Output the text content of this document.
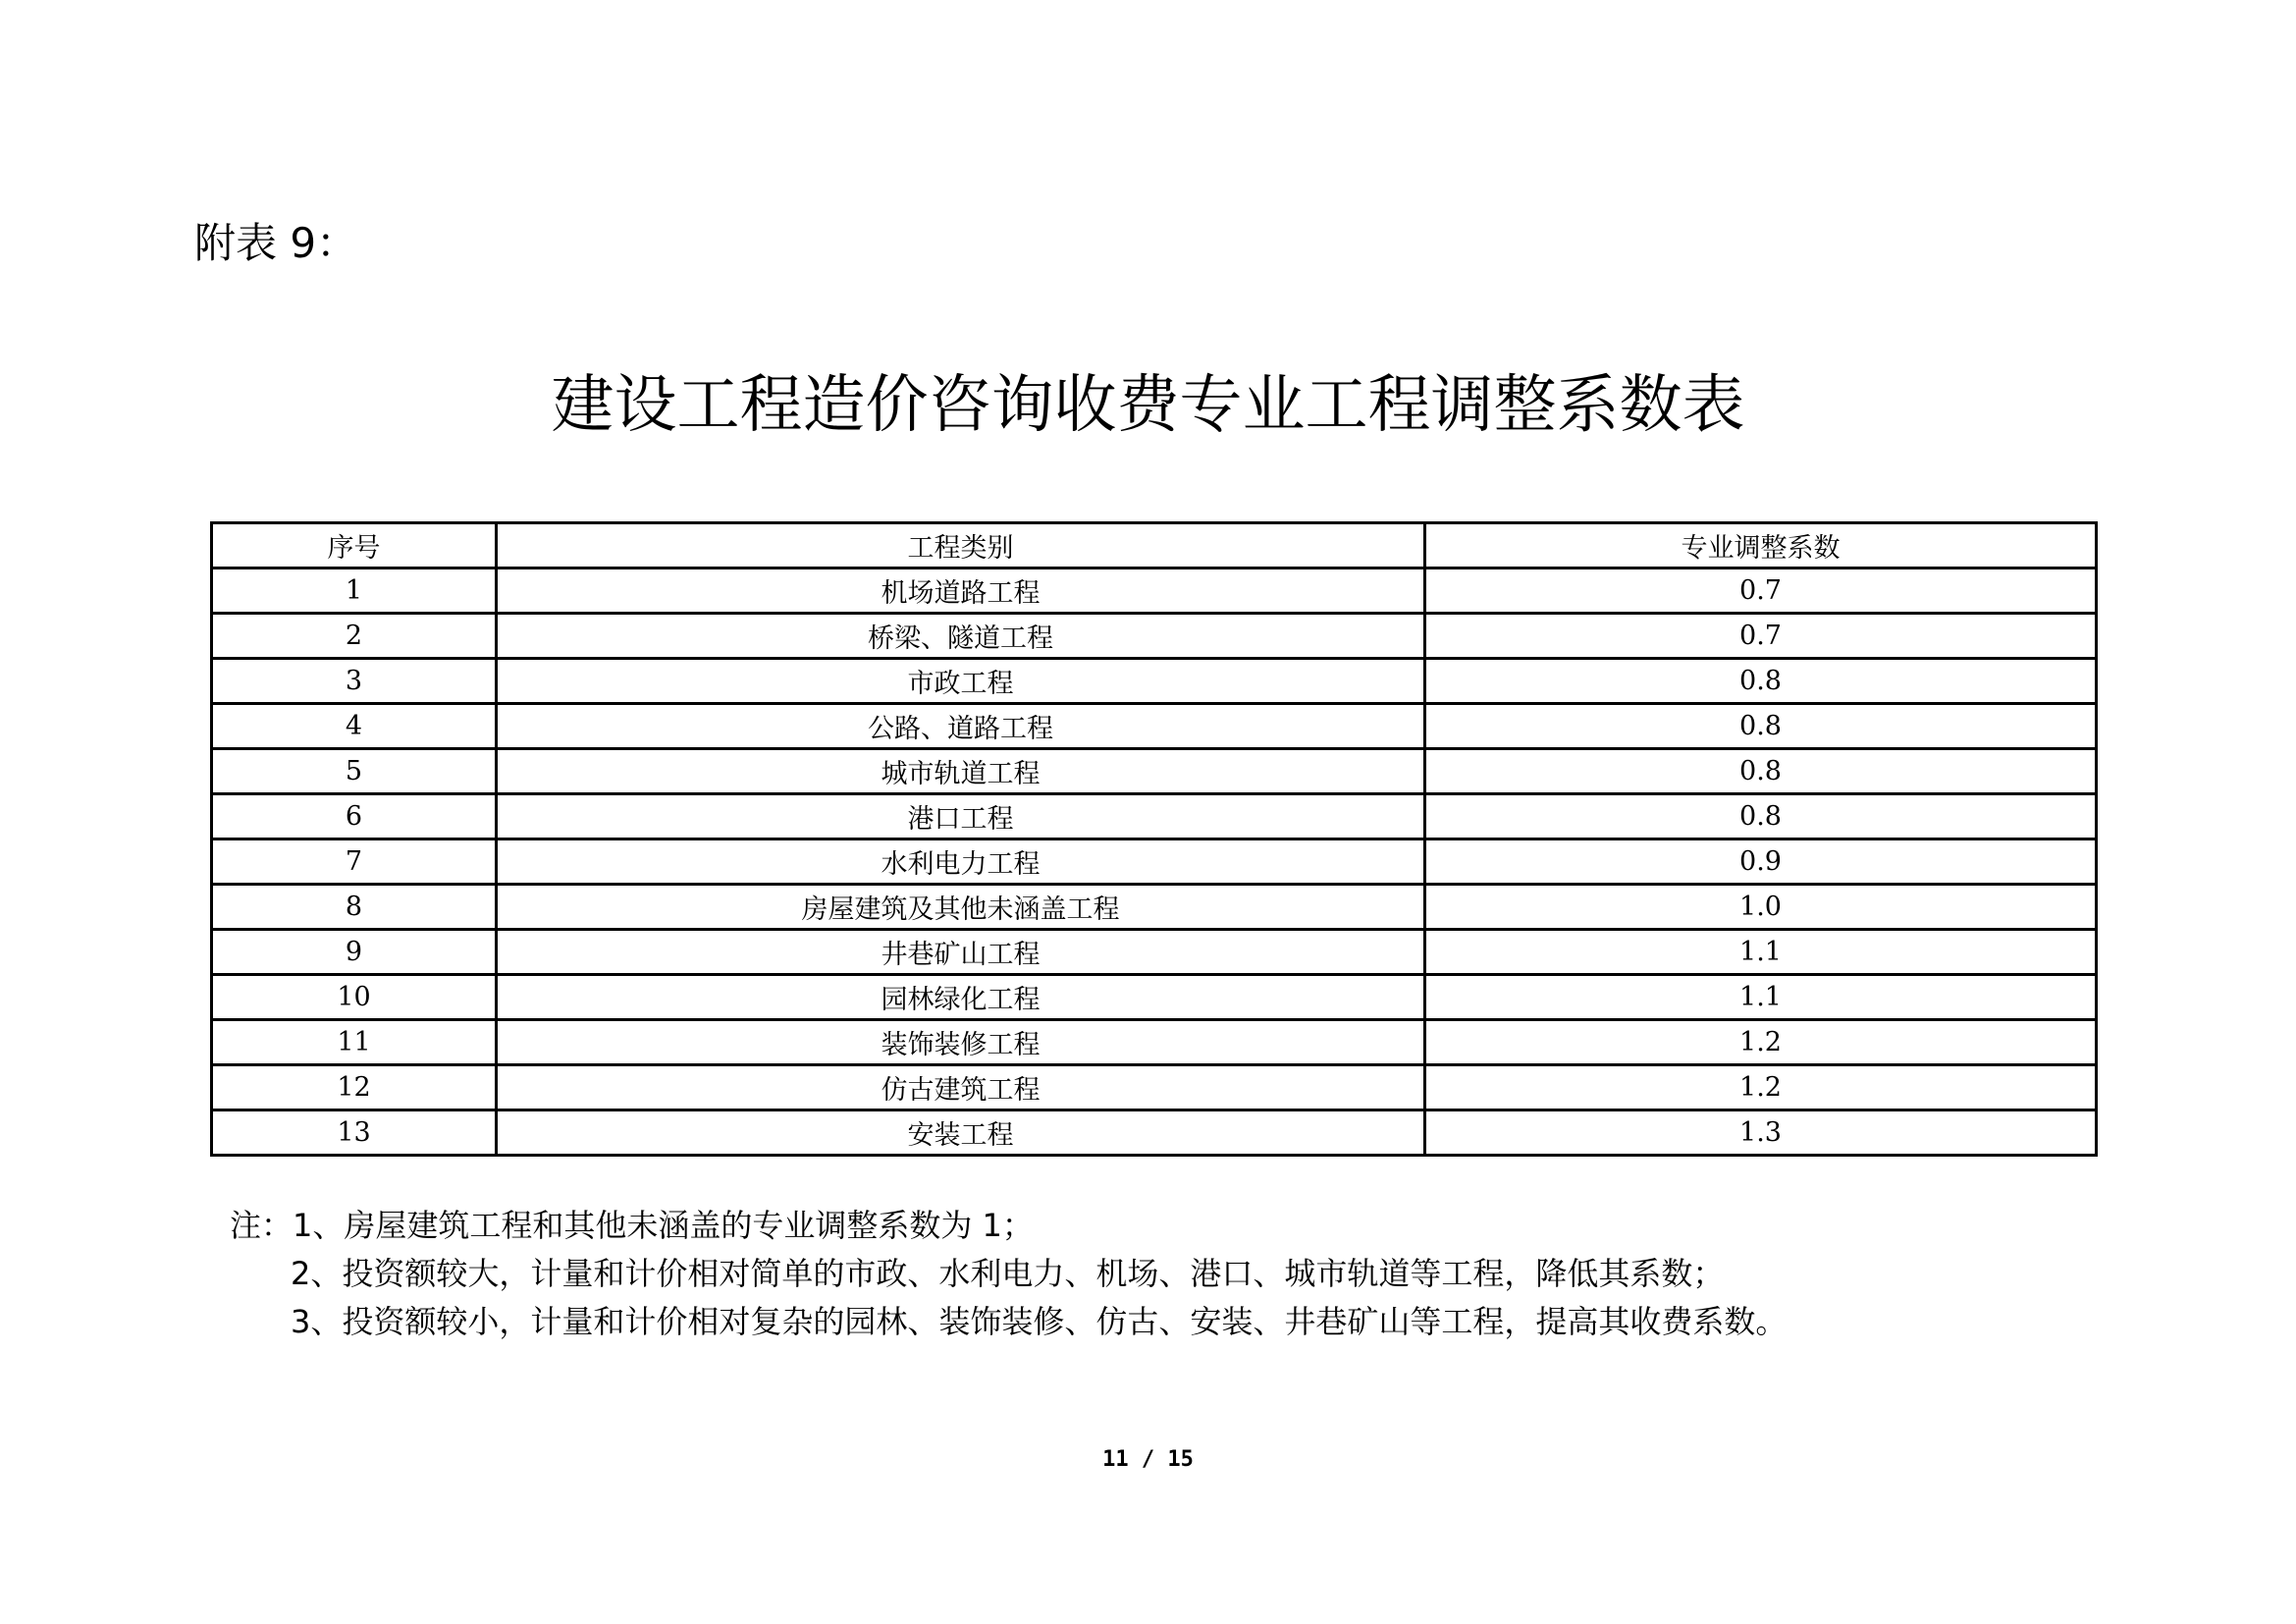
附表 9：
建设工程造价咨询收费专业工程调整系数表
序号	工程类别	专业调整系数
1	机场道路工程	0.7
2	桥梁、隧道工程	0.7
3	市政工程	0.8
4	公路、道路工程	0.8
5	城市轨道工程	0.8
6	港口工程	0.8
7	水利电力工程	0.9
8	房屋建筑及其他未涵盖工程	1.0
9	井巷矿山工程	1.1
10	园林绿化工程	1.1
11	装饰装修工程	1.2
12	仿古建筑工程	1.2
13	安装工程	1.3
注：1、房屋建筑工程和其他未涵盖的专业调整系数为 1；
2、投资额较大，计量和计价相对简单的市政、水利电力、机场、港口、城市轨道等工程，降低其系数；
3、投资额较小，计量和计价相对复杂的园林、装饰装修、仿古、安装、井巷矿山等工程，提高其收费系数。
11 / 15
